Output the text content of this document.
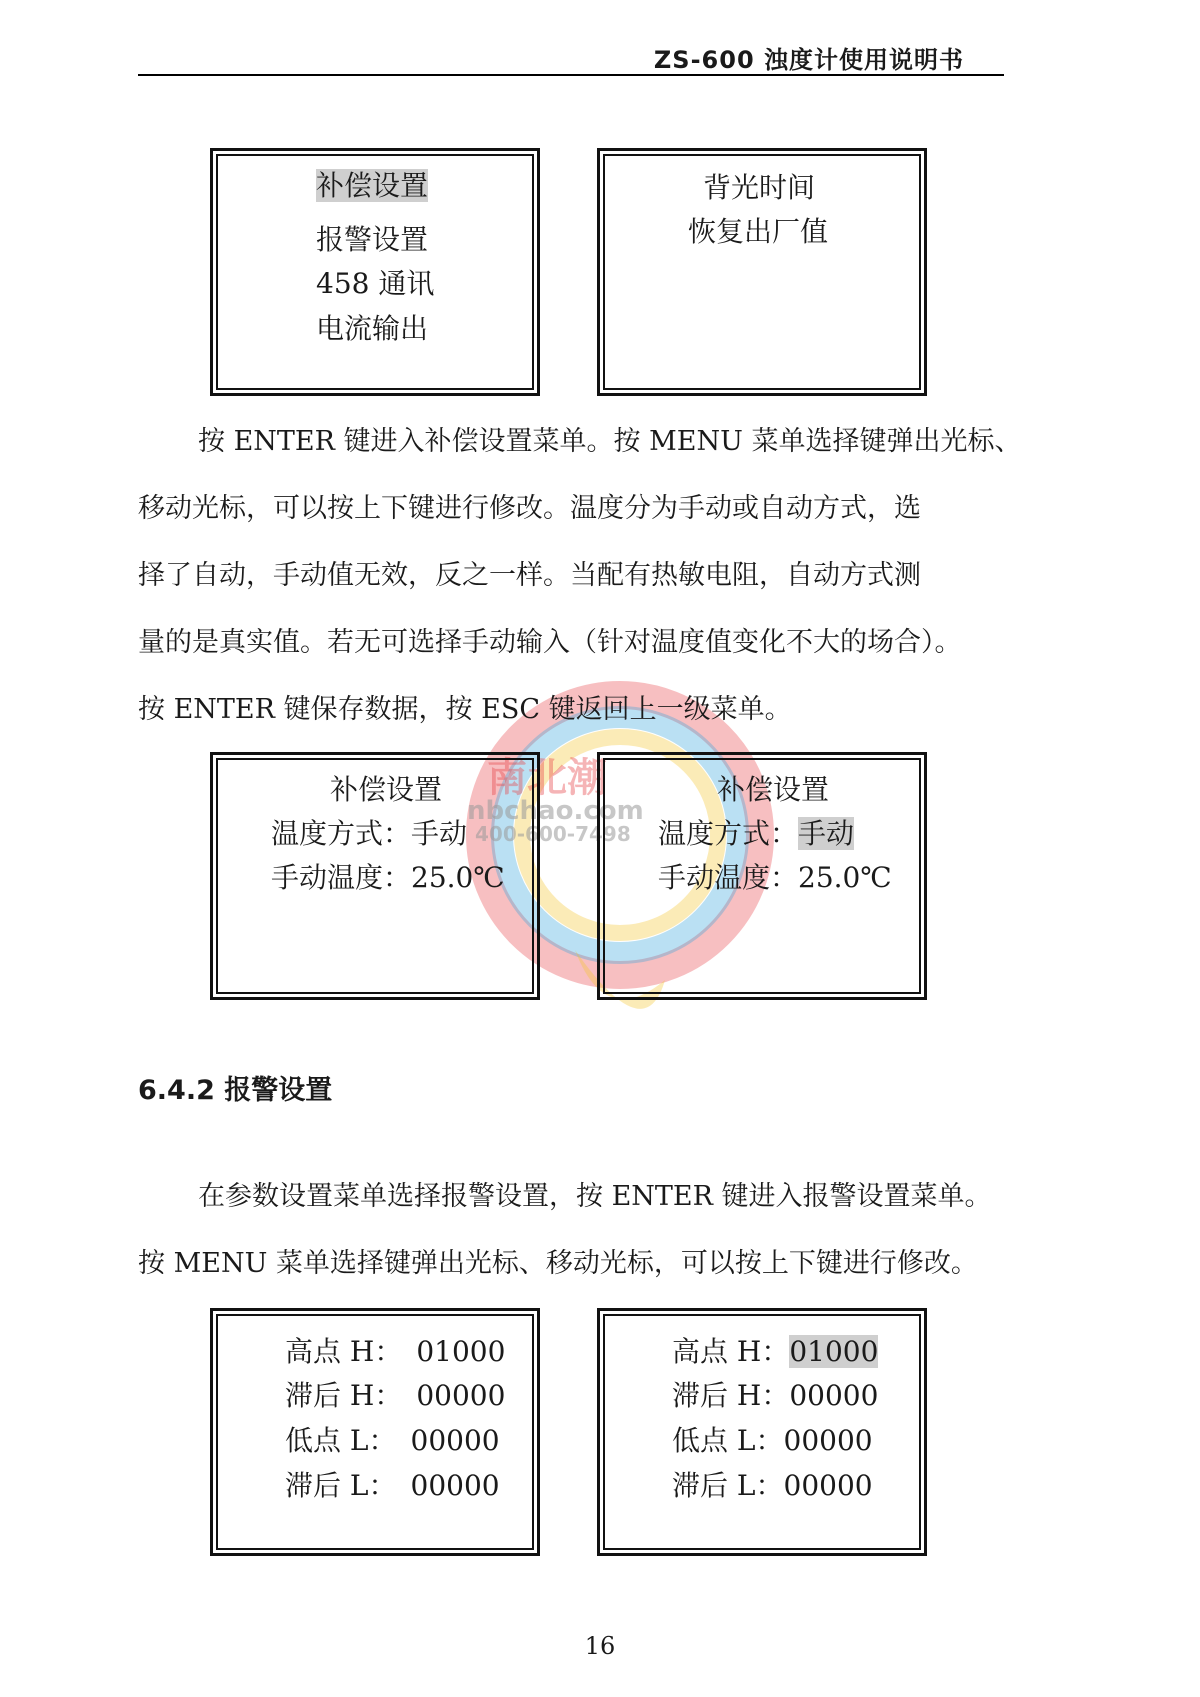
ZS-600 浊度计使用说明书
南北潮
nbchao.com
400-600-7498
补偿设置
报警设置
458 通讯
电流输出
背光时间
恢复出厂值

按 ENTER 键进入补偿设置菜单。按 MENU 菜单选择键弹出光标、

移动光标，可以按上下键进行修改。温度分为手动或自动方式，选

择了自动，手动值无效，反之一样。当配有热敏电阻，自动方式测

量的是真实值。若无可选择手动输入（针对温度值变化不大的场合）。

按 ENTER 键保存数据，按 ESC 键返回上一级菜单。

补偿设置
温度方式：手动
手动温度：25.0℃
补偿设置
温度方式：手动
手动温度：25.0℃
6.4.2 报警设置

在参数设置菜单选择报警设置，按 ENTER 键进入报警设置菜单。

按 MENU 菜单选择键弹出光标、移动光标，可以按上下键进行修改。

高点 H： 01000
滞后 H： 00000
低点 L： 00000
滞后 L： 00000
高点 H：01000
滞后 H：00000
低点 L：00000
滞后 L：00000
16
